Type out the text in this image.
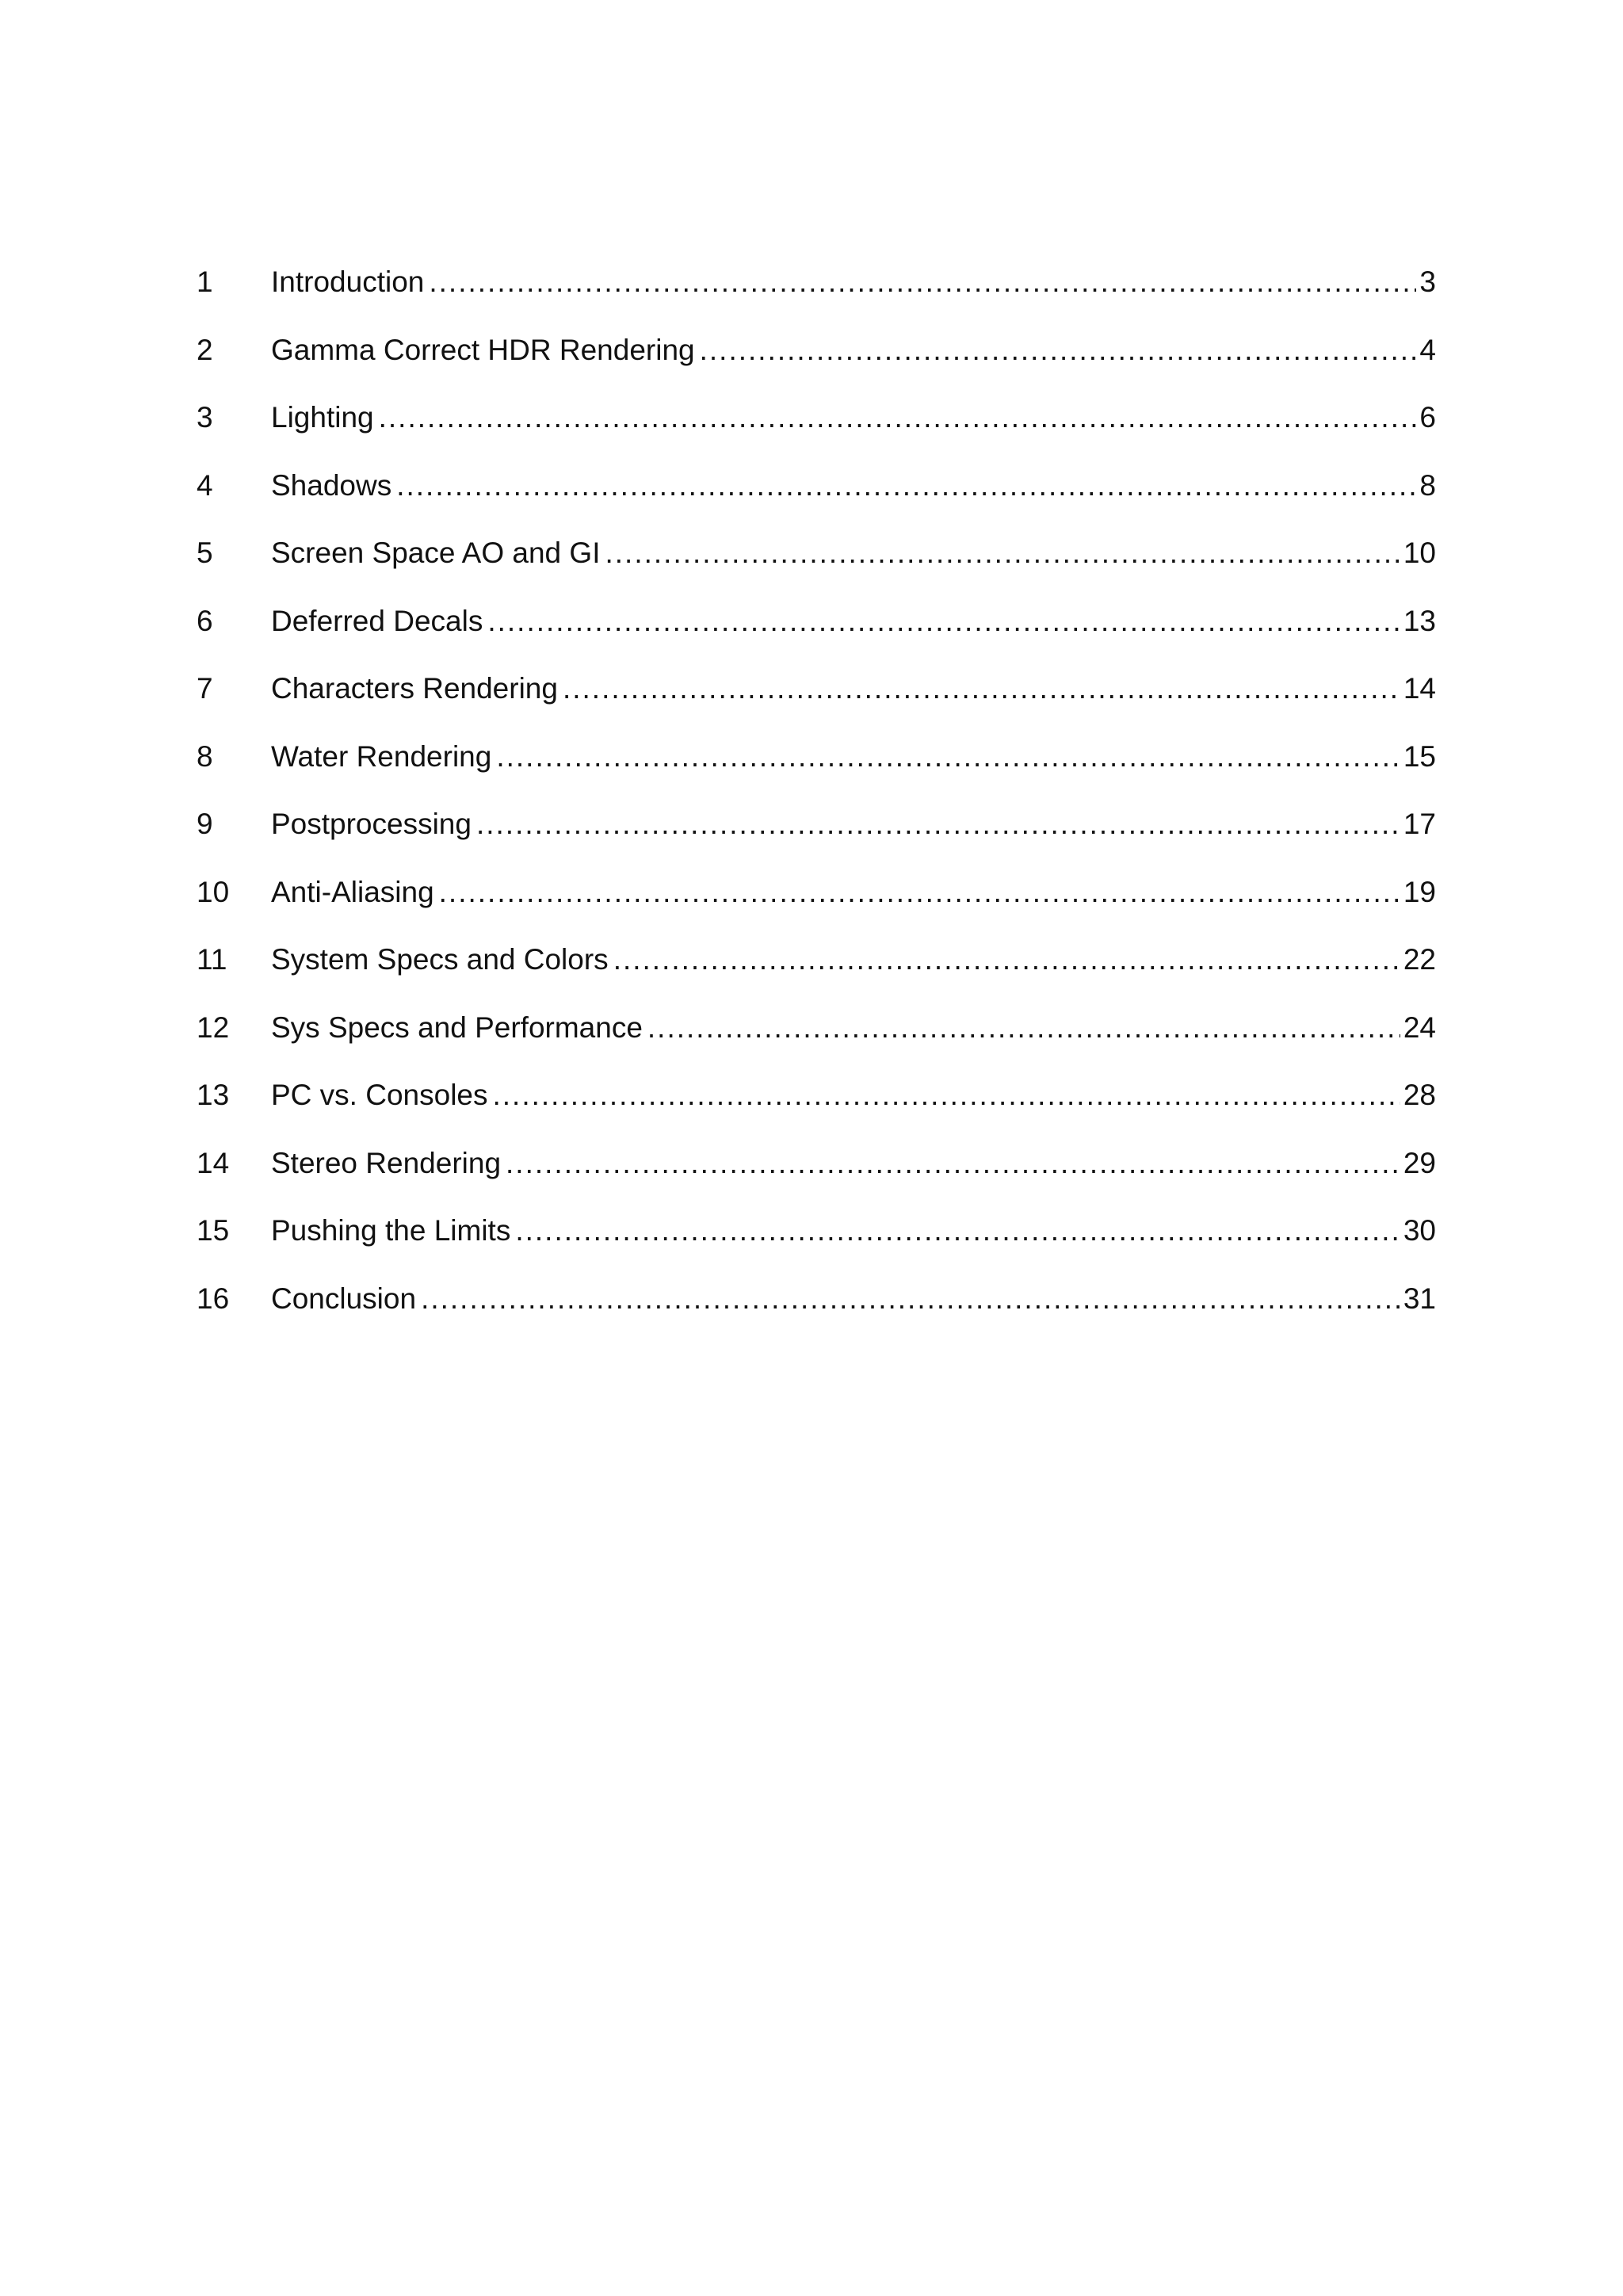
1	Introduction .....	3
2	Gamma Correct HDR Rendering .....	4
3	Lighting .....	6
4	Shadows .....	8
5	Screen Space AO and GI .....	10
6	Deferred Decals .....	13
7	Characters Rendering .....	14
8	Water Rendering .....	15
9	Postprocessing .....	17
10	Anti-Aliasing .....	19
11	System Specs and Colors .....	22
12	Sys Specs and Performance .....	24
13	PC vs. Consoles .....	28
14	Stereo Rendering .....	29
15	Pushing the Limits .....	30
16	Conclusion .....	31
